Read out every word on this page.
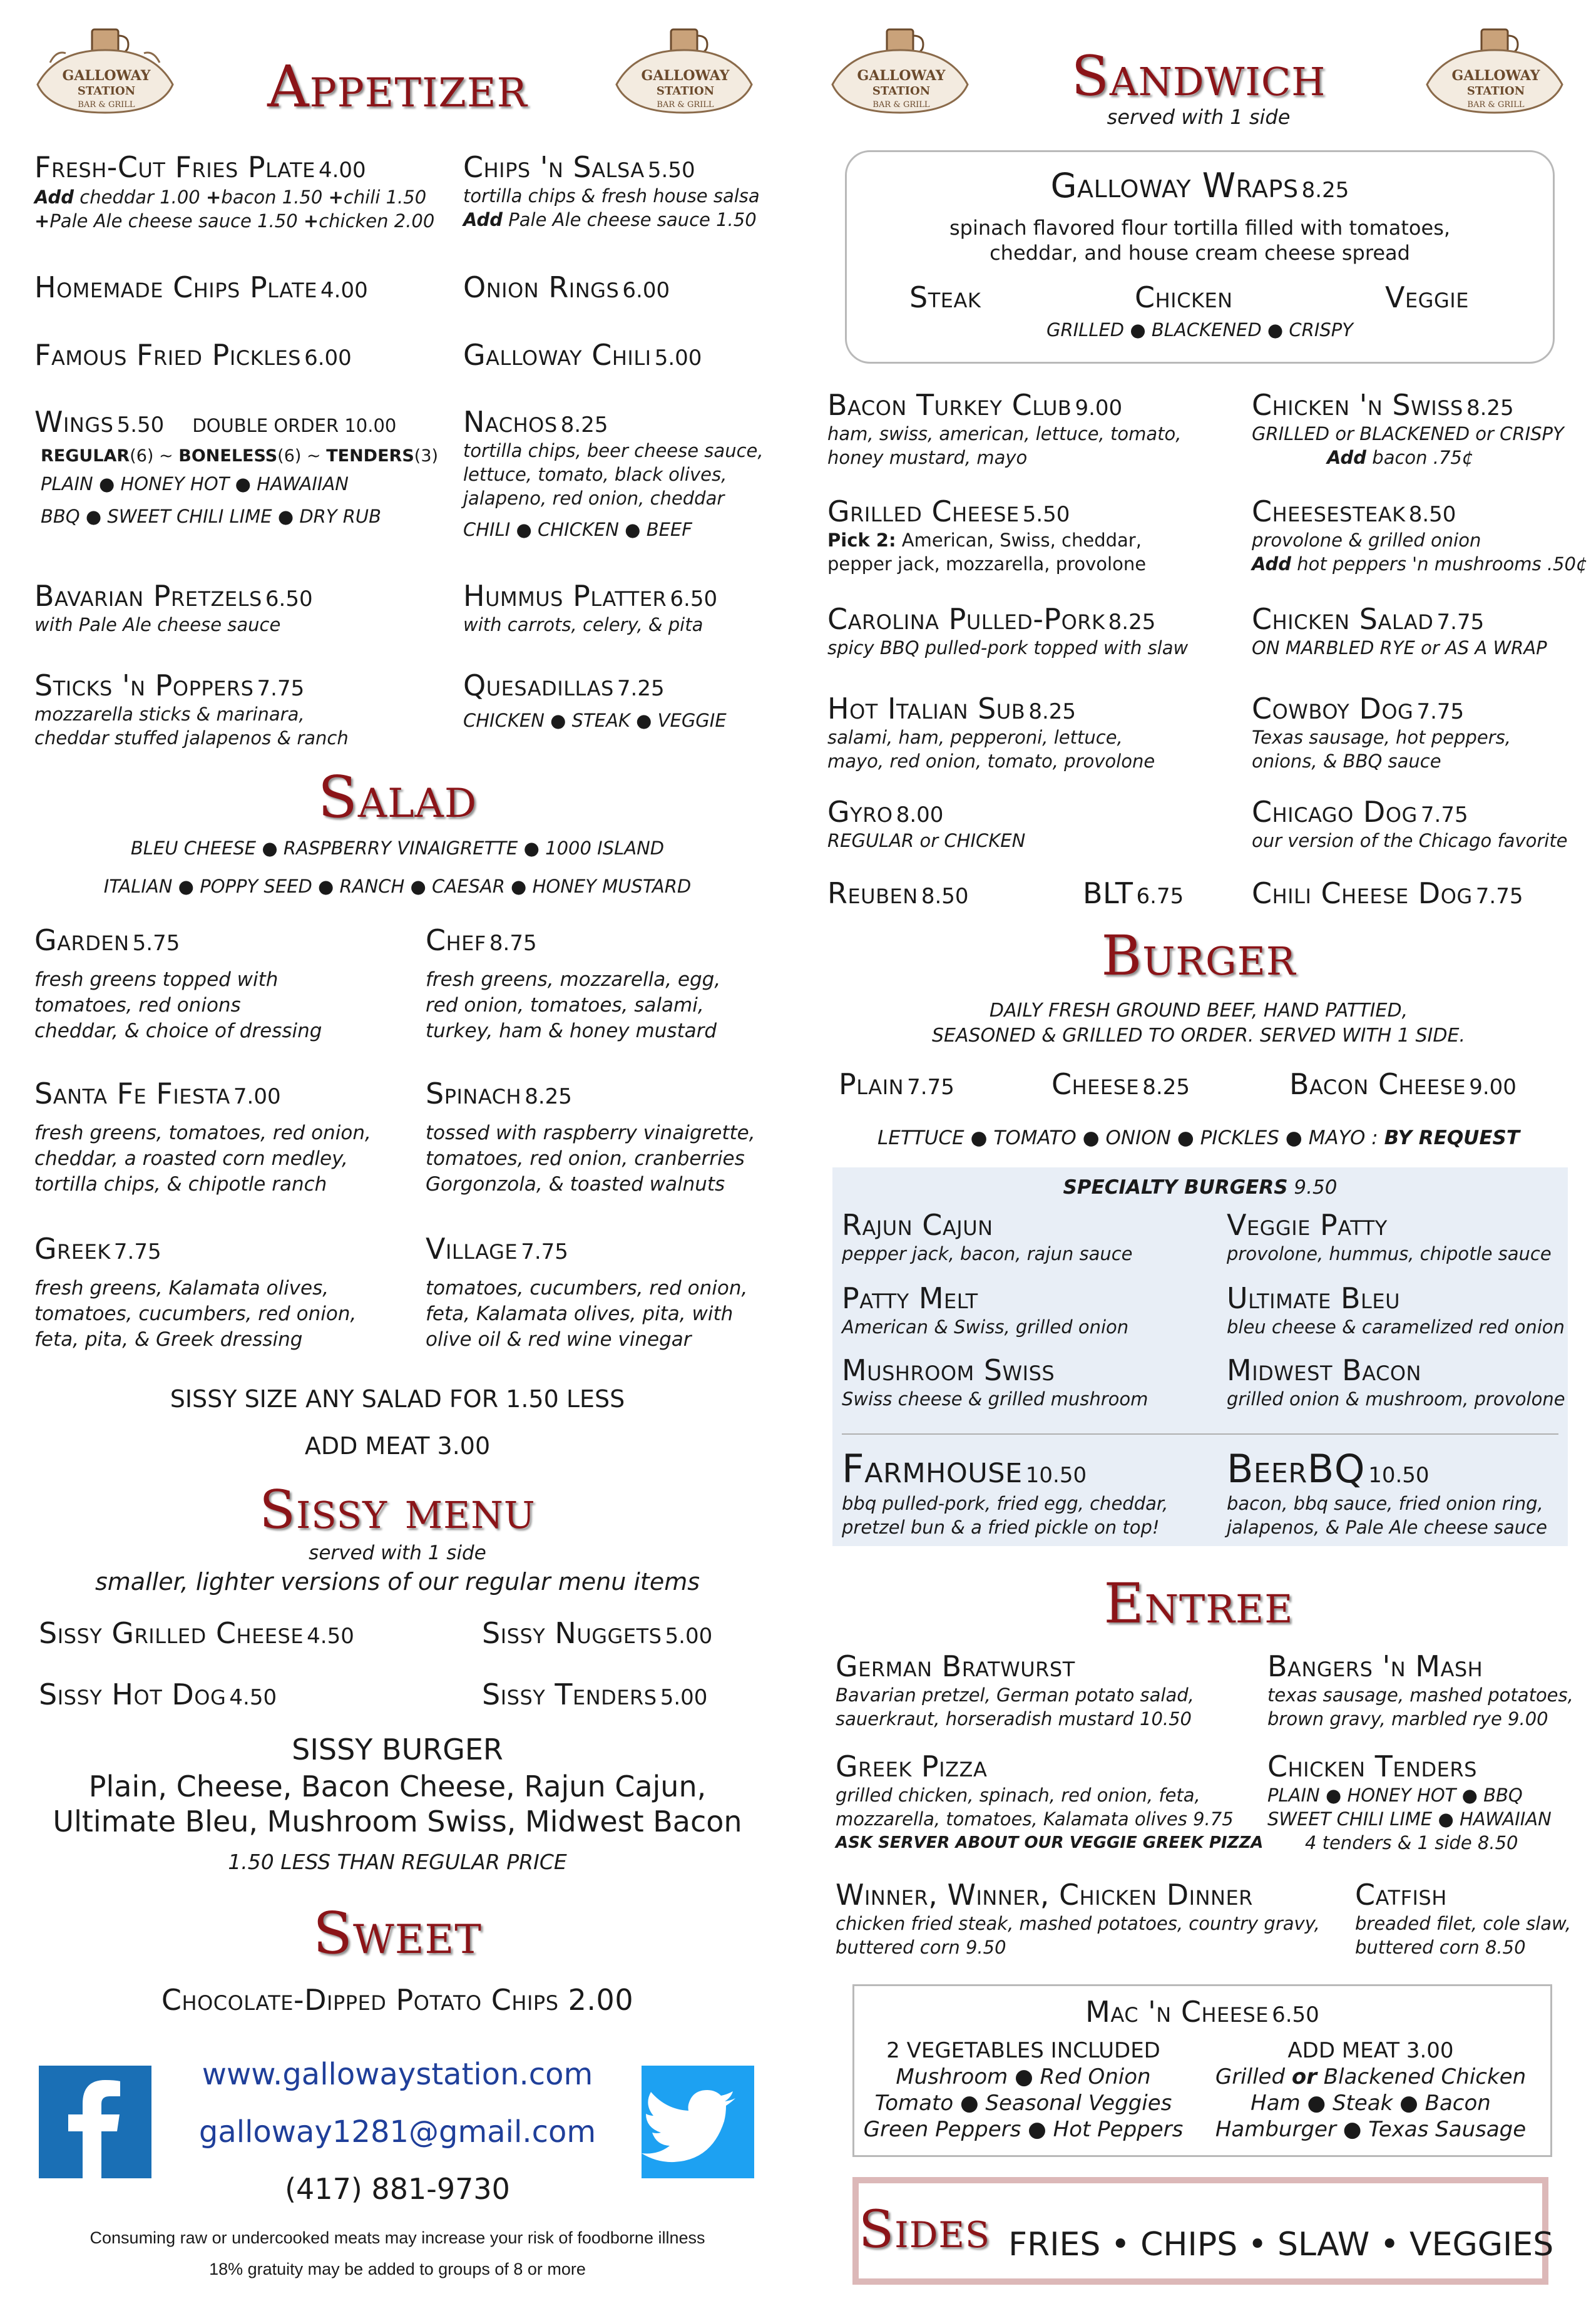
GALLOWAY
STATION
BAR & GRILL
GALLOWAY
STATION
BAR & GRILL
GALLOWAY
STATION
BAR & GRILL
GALLOWAY
STATION
BAR & GRILL
Appetizer
Fresh-Cut Fries Plate 4.00
Add cheddar 1.00 +bacon 1.50 +chili 1.50
+Pale Ale cheese sauce 1.50 +chicken 2.00
Homemade Chips Plate 4.00
Famous Fried Pickles 6.00
Wings 5.50 DOUBLE ORDER 10.00
REGULAR(6) ~ BONELESS(6) ~ TENDERS(3)
PLAIN ● HONEY HOT ● HAWAIIAN
BBQ ● SWEET CHILI LIME ● DRY RUB
Bavarian Pretzels 6.50
with Pale Ale cheese sauce
Sticks 'n Poppers 7.75
mozzarella sticks & marinara,
cheddar stuffed jalapenos & ranch
Chips 'n Salsa 5.50
tortilla chips & fresh house salsa
Add Pale Ale cheese sauce 1.50
Onion Rings 6.00
Galloway Chili 5.00
Nachos 8.25
tortilla chips, beer cheese sauce,
lettuce, tomato, black olives,
jalapeno, red onion, cheddar
CHILI ● CHICKEN ● BEEF
Hummus Platter 6.50
with carrots, celery, & pita
Quesadillas 7.25
CHICKEN ● STEAK ● VEGGIE
Salad
BLEU CHEESE ● RASPBERRY VINAIGRETTE ● 1000 ISLAND
ITALIAN ● POPPY SEED ● RANCH ● CAESAR ● HONEY MUSTARD
Garden 5.75
fresh greens topped with
tomatoes, red onions
cheddar, & choice of dressing
Santa Fe Fiesta 7.00
fresh greens, tomatoes, red onion,
cheddar, a roasted corn medley,
tortilla chips, & chipotle ranch
Greek 7.75
fresh greens, Kalamata olives,
tomatoes, cucumbers, red onion,
feta, pita, & Greek dressing
Chef 8.75
fresh greens, mozzarella, egg,
red onion, tomatoes, salami,
turkey, ham & honey mustard
Spinach 8.25
tossed with raspberry vinaigrette,
tomatoes, red onion, cranberries
Gorgonzola, & toasted walnuts
Village 7.75
tomatoes, cucumbers, red onion,
feta, Kalamata olives, pita, with
olive oil & red wine vinegar
SISSY SIZE ANY SALAD FOR 1.50 LESS
ADD MEAT 3.00
Sissy menu
served with 1 side
smaller, lighter versions of our regular menu items
Sissy Grilled Cheese 4.50
Sissy Hot Dog 4.50
Sissy Nuggets 5.00
Sissy Tenders 5.00
SISSY BURGER
Plain, Cheese, Bacon Cheese, Rajun Cajun,
Ultimate Bleu, Mushroom Swiss, Midwest Bacon
1.50 LESS THAN REGULAR PRICE
Sweet
Chocolate-Dipped Potato Chips 2.00
www.gallowaystation.com
galloway1281@gmail.com
(417) 881-9730
Consuming raw or undercooked meats may increase your risk of foodborne illness
18% gratuity may be added to groups of 8 or more
Sandwich
served with 1 side
Galloway Wraps 8.25
spinach flavored flour tortilla filled with tomatoes,
cheddar, and house cream cheese spread
Steak	Chicken	Veggie
GRILLED ● BLACKENED ● CRISPY
Bacon Turkey Club 9.00
ham, swiss, american, lettuce, tomato,
honey mustard, mayo
Grilled Cheese 5.50
Pick 2: American, Swiss, cheddar,
pepper jack, mozzarella, provolone
Carolina Pulled-Pork 8.25
spicy BBQ pulled-pork topped with slaw
Hot Italian Sub 8.25
salami, ham, pepperoni, lettuce,
mayo, red onion, tomato, provolone
Gyro 8.00
REGULAR or CHICKEN
Reuben 8.50	BLT 6.75
Chicken 'n Swiss 8.25
GRILLED or BLACKENED or CRISPY
Add bacon .75¢
Cheesesteak 8.50
provolone & grilled onion
Add hot peppers 'n mushrooms .50¢
Chicken Salad 7.75
ON MARBLED RYE or AS A WRAP
Cowboy Dog 7.75
Texas sausage, hot peppers,
onions, & BBQ sauce
Chicago Dog 7.75
our version of the Chicago favorite
Chili Cheese Dog 7.75
Burger
DAILY FRESH GROUND BEEF, HAND PATTIED,
SEASONED & GRILLED TO ORDER. SERVED WITH 1 SIDE.
Plain 7.75	Cheese 8.25	Bacon Cheese 9.00
LETTUCE ● TOMATO ● ONION ● PICKLES ● MAYO : BY REQUEST
SPECIALTY BURGERS 9.50
Rajun Cajun
pepper jack, bacon, rajun sauce
Patty Melt
American & Swiss, grilled onion
Mushroom Swiss
Swiss cheese & grilled mushroom
Veggie Patty
provolone, hummus, chipotle sauce
Ultimate Bleu
bleu cheese & caramelized red onion
Midwest Bacon
grilled onion & mushroom, provolone
Farmhouse 10.50
bbq pulled-pork, fried egg, cheddar,
pretzel bun & a fried pickle on top!
BeerBQ 10.50
bacon, bbq sauce, fried onion ring,
jalapenos, & Pale Ale cheese sauce
Entree
German Bratwurst
Bavarian pretzel, German potato salad,
sauerkraut, horseradish mustard 10.50
Greek Pizza
grilled chicken, spinach, red onion, feta,
mozzarella, tomatoes, Kalamata olives 9.75
ASK SERVER ABOUT OUR VEGGIE GREEK PIZZA
Winner, Winner, Chicken Dinner
chicken fried steak, mashed potatoes, country gravy,
buttered corn 9.50
Bangers 'n Mash
texas sausage, mashed potatoes,
brown gravy, marbled rye 9.00
Chicken Tenders
PLAIN ● HONEY HOT ● BBQ
SWEET CHILI LIME ● HAWAIIAN
4 tenders & 1 side 8.50
Catfish
breaded filet, cole slaw,
buttered corn 8.50
Mac 'n Cheese 6.50
2 VEGETABLES INCLUDED
Mushroom ● Red Onion
Tomato ● Seasonal Veggies
Green Peppers ● Hot Peppers
ADD MEAT 3.00
Grilled or Blackened Chicken
Ham ● Steak ● Bacon
Hamburger ● Texas Sausage
Sides FRIES • CHIPS • SLAW • VEGGIES
